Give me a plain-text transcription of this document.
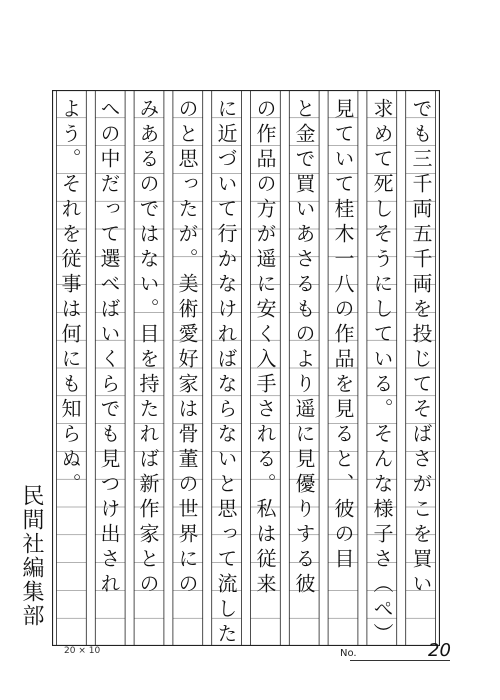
でも三千両五千両を投じてそばさがこを買い
求めて死しそうにしている。そんな様子さ（ぺ）
見ていて桂木一八の作品を見ると、彼の目
と金で買いあさるものより遥に見優りする彼
の作品の方が遥に安く入手される。私は従来
に近づいて行かなければならないと思って流した
のと思ったが。美術愛好家は骨董の世界にの
みあるのではない。目を持たれば新作家との
への中だって選べばいくらでも見つけ出され
よう。それを従事は何にも知らぬ。
民間社編集部
20 × 10	No.	20
